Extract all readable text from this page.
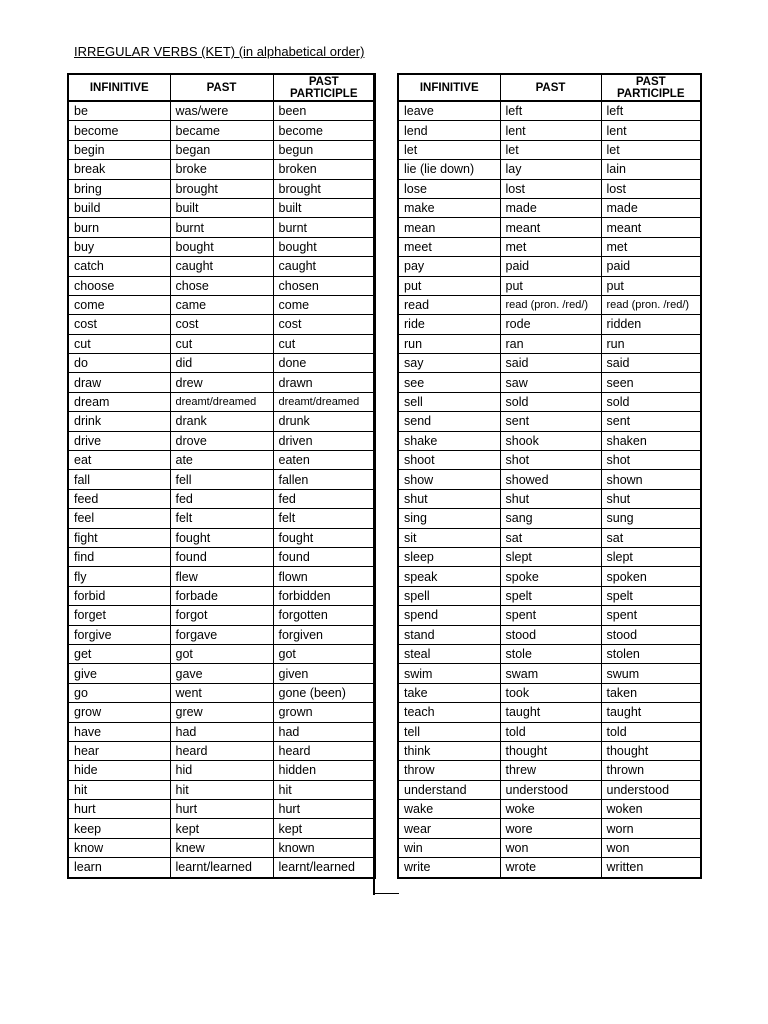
IRREGULAR VERBS (KET) (in alphabetical order)
INFINITIVE	PAST	PAST PARTICIPLE
be	was/were	been
become	became	become
begin	began	begun
break	broke	broken
bring	brought	brought
build	built	built
burn	burnt	burnt
buy	bought	bought
catch	caught	caught
choose	chose	chosen
come	came	come
cost	cost	cost
cut	cut	cut
do	did	done
draw	drew	drawn
dream	dreamt/dreamed	dreamt/dreamed
drink	drank	drunk
drive	drove	driven
eat	ate	eaten
fall	fell	fallen
feed	fed	fed
feel	felt	felt
fight	fought	fought
find	found	found
fly	flew	flown
forbid	forbade	forbidden
forget	forgot	forgotten
forgive	forgave	forgiven
get	got	got
give	gave	given
go	went	gone (been)
grow	grew	grown
have	had	had
hear	heard	heard
hide	hid	hidden
hit	hit	hit
hurt	hurt	hurt
keep	kept	kept
know	knew	known
learn	learnt/learned	learnt/learned
INFINITIVE	PAST	PAST PARTICIPLE
leave	left	left
lend	lent	lent
let	let	let
lie (lie down)	lay	lain
lose	lost	lost
make	made	made
mean	meant	meant
meet	met	met
pay	paid	paid
put	put	put
read	read (pron. /red/)	read (pron. /red/)
ride	rode	ridden
run	ran	run
say	said	said
see	saw	seen
sell	sold	sold
send	sent	sent
shake	shook	shaken
shoot	shot	shot
show	showed	shown
shut	shut	shut
sing	sang	sung
sit	sat	sat
sleep	slept	slept
speak	spoke	spoken
spell	spelt	spelt
spend	spent	spent
stand	stood	stood
steal	stole	stolen
swim	swam	swum
take	took	taken
teach	taught	taught
tell	told	told
think	thought	thought
throw	threw	thrown
understand	understood	understood
wake	woke	woken
wear	wore	worn
win	won	won
write	wrote	written
